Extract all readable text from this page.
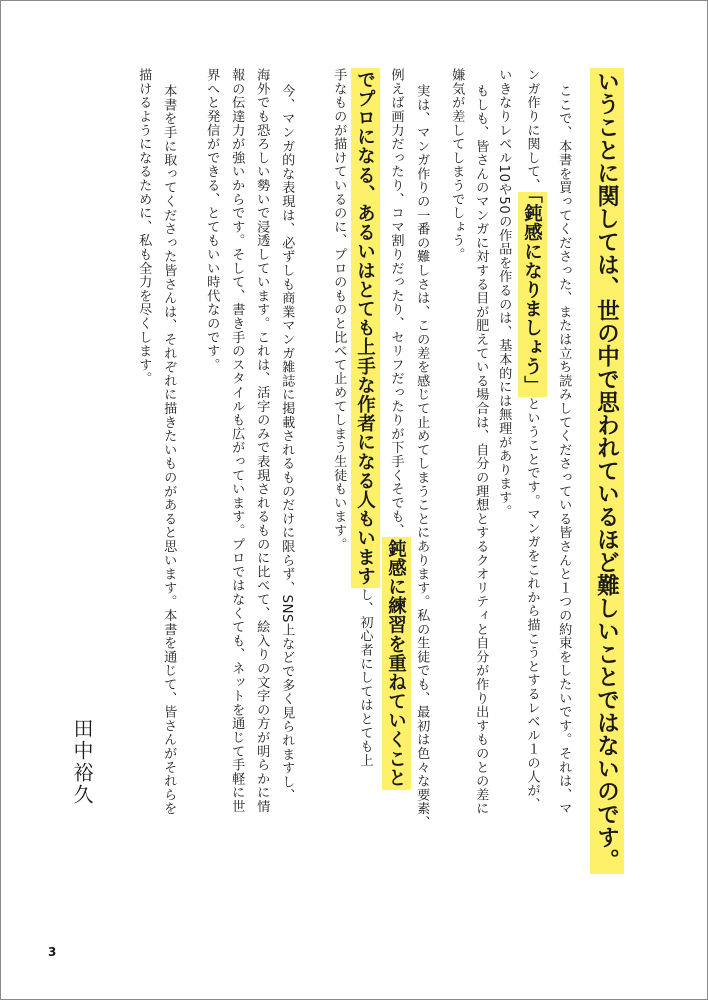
いうことに関しては、世の中で思われているほど難しいことではないのです。
ここで、本書を買ってくださった、または立ち読みしてくださっている皆さんと１つの約束をしたいです。それは、マ
ンガ作りに関して、「鈍感になりましょう」ということです。マンガをこれから描こうとするレベル１の人が、
いきなりレベル10や50の作品を作るのは、基本的には無理があります。
もしも、皆さんのマンガに対する目が肥えている場合は、自分の理想とするクオリティと自分が作り出すものとの差に
嫌気が差してしまうでしょう。
実は、マンガ作りの一番の難しさは、この差を感じて止めてしまうことにあります。私の生徒でも、最初は色々な要素、
例えば画力だったり、コマ割りだったり、セリフだったりが下手くそでも、鈍感に練習を重ねていくこと
でプロになる、あるいはとても上手な作者になる人もいますし、初心者にしてはとても上
手なものが描けているのに、プロのものと比べて止めてしまう生徒もいます。
今、マンガ的な表現は、必ずしも商業マンガ雑誌に掲載されるものだけに限らず、SNS上などで多く見られますし、
海外でも恐ろしい勢いで浸透しています。これは、活字のみで表現されるものに比べて、絵入りの文字の方が明らかに情
報の伝達力が強いからです。そして、書き手のスタイルも広がっています。プロではなくても、ネットを通じて手軽に世
界へと発信ができる、とてもいい時代なのです。
本書を手に取ってくださった皆さんは、それぞれに描きたいものがあると思います。本書を通じて、皆さんがそれらを
描けるようになるために、私も全力を尽くします。
田中裕久
3
